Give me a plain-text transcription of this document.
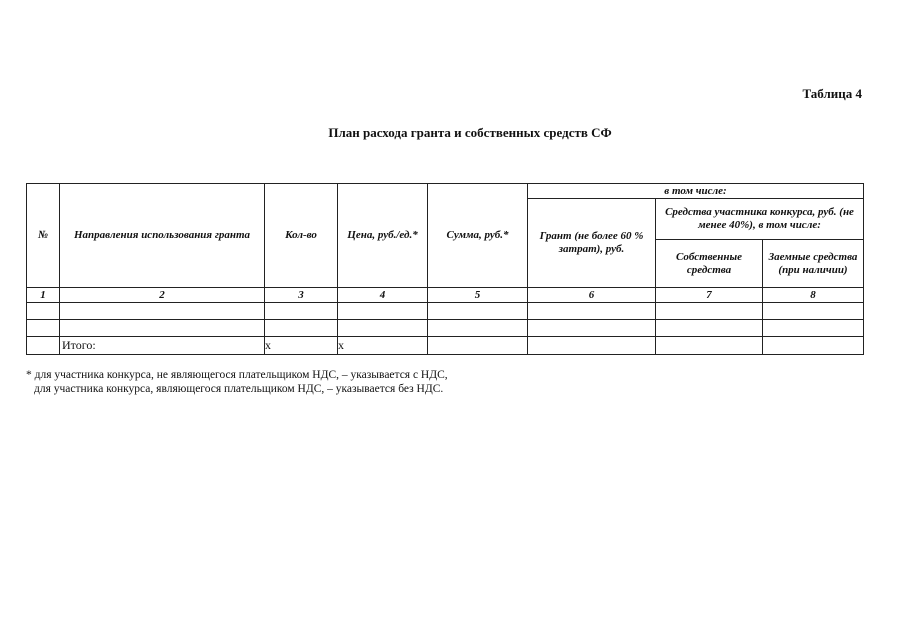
Таблица 4
План расхода гранта и собственных средств СФ
№	Направления использования гранта	Кол-во	Цена, руб./ед.*	Сумма, руб.*	в том числе:		
					Грант (не более 60 % затрат), руб.	Средства участника конкурса, руб. (не менее 40%), в том числе:	
						Собственные средства	Заемные средства (при наличии)
1	2	3	4	5	6	7	8

	Итого:	х	х				
* для участника конкурса, не являющегося плательщиком НДС, – указывается с НДС,
для участника конкурса, являющегося плательщиком НДС, – указывается без НДС.
